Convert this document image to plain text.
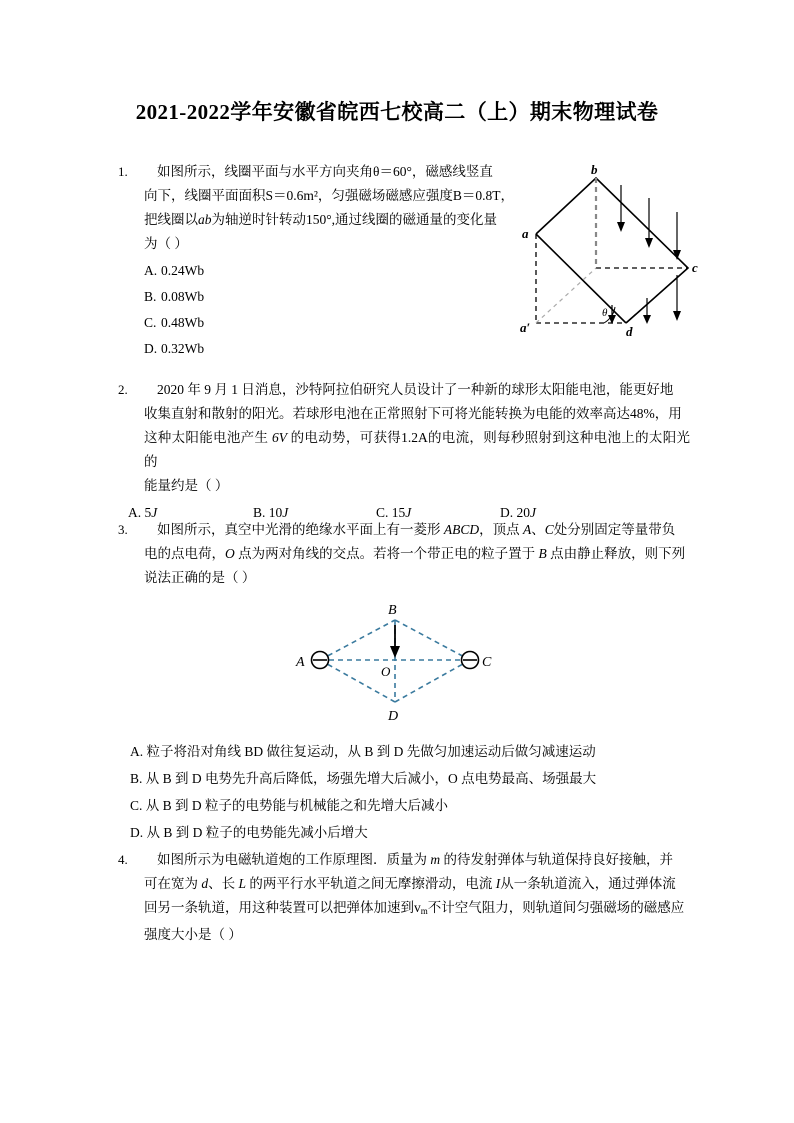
2021-2022学年安徽省皖西七校高二（上）期末物理试卷
1.	如图所示，线圈平面与水平方向夹角θ＝60°，磁感线竖直
向下，线圈平面面积S＝0.6m²，匀强磁场磁感应强度B＝0.8T，
把线圈以ab为轴逆时针转动150°,通过线圈的磁通量的变化量
为（ ）
A. 0.24Wb
B. 0.08Wb
C. 0.48Wb
D. 0.32Wb
b
a
c
d
a′
θ
2.	2020 年 9 月 1 日消息，沙特阿拉伯研究人员设计了一种新的球形太阳能电池，能更好地
收集直射和散射的阳光。若球形电池在正常照射下可将光能转换为电能的效率高达48%，用
这种太阳能电池产生 6V 的电动势，可获得1.2A的电流，则每秒照射到这种电池上的太阳光的
能量约是（ ）
A. 5J	B. 10J	C. 15J	D. 20J
3.	如图所示，真空中光滑的绝缘水平面上有一菱形 ABCD，顶点 A、C处分别固定等量带负
电的点电荷，O 点为两对角线的交点。若将一个带正电的粒子置于 B 点由静止释放，则下列
说法正确的是（ ）
B
A	C
D
O
A. 粒子将沿对角线 BD 做往复运动，从 B 到 D 先做匀加速运动后做匀减速运动
B. 从 B 到 D 电势先升高后降低，场强先增大后减小，O 点电势最高、场强最大
C. 从 B 到 D 粒子的电势能与机械能之和先增大后减小
D. 从 B 到 D 粒子的电势能先减小后增大
4.	如图所示为电磁轨道炮的工作原理图．质量为 m 的待发射弹体与轨道保持良好接触，并
可在宽为 d、长 L 的两平行水平轨道之间无摩擦滑动，电流 I从一条轨道流入，通过弹体流
回另一条轨道，用这种装置可以把弹体加速到$v_m$不计空气阻力，则轨道间匀强磁场的磁感应
强度大小是（ ）
